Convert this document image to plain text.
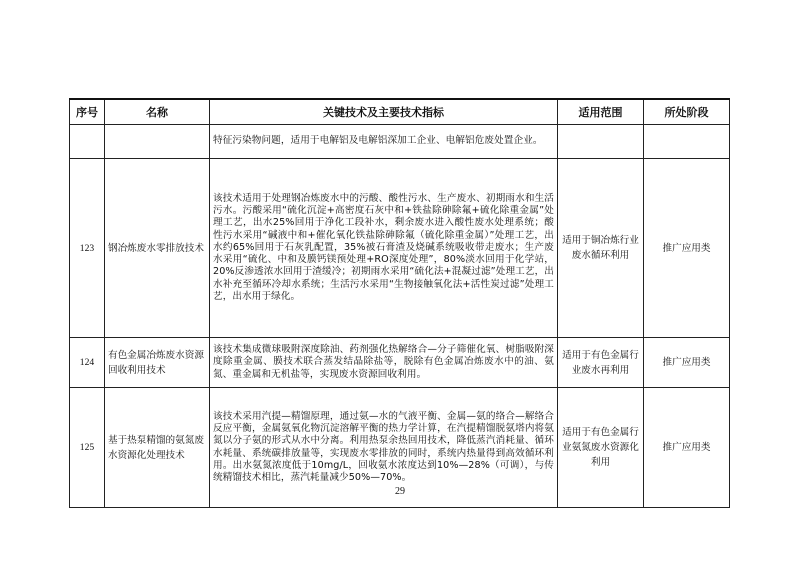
序号	名称	关键技术及主要技术指标	适用范围	所处阶段
		特征污染物问题，适用于电解铝及电解铝深加工企业、电解铝危废处置企业。		
123	钢冶炼废水零排放技术	该技术适用于处理钢冶炼废水中的污酸、酸性污水、生产废水、初期雨水和生活污水。污酸采用“硫化沉淀+高密度石灰中和+铁盐除砷除氟+硫化除重金属”处理工艺，出水25%回用于净化工段补水，剩余废水进入酸性废水处理系统；酸性污水采用“碱液中和+催化氧化铁盐除砷除氟（硫化除重金属）”处理工艺，出水约65%回用于石灰乳配置，35%被石膏渣及烧碱系统吸收带走废水；生产废水采用“硫化、中和及膜钙镁预处理+RO深度处理”，80%淡水回用于化学站，20%反渗透浓水回用于渣缓冷；初期雨水采用“硫化法+混凝过滤”处理工艺，出水补充至循环冷却水系统；生活污水采用“生物接触氧化法+活性炭过滤”处理工艺，出水用于绿化。	适用于铜冶炼行业废水循环利用	推广应用类
124	有色金属冶炼废水资源回收利用技术	该技术集成微球吸附深度除油、药剂强化热解络合—分子筛催化氧、树脂吸附深度除重金属、膜技术联合蒸发结晶除盐等，脱除有色金属冶炼废水中的油、氨氮、重金属和无机盐等，实现废水资源回收利用。	适用于有色金属行业废水再利用	推广应用类
125	基于热泵精馏的氨氮废水资源化处理技术	该技术采用汽提—精馏原理，通过氨—水的气液平衡、金属—氨的络合—解络合反应平衡，金属氨氧化物沉淀溶解平衡的热力学计算，在汽提精馏脱氨塔内将氨氮以分子氨的形式从水中分离。利用热泵余热回用技术，降低蒸汽消耗量、循环水耗量、系统碳排放量等，实现废水零排放的同时，系统内热量得到高效循环利用。出水氨氮浓度低于10mg/L，回收氨水浓度达到10%—28%（可调），与传统精馏技术相比，蒸汽耗量减少50%—70%。	适用于有色金属行业氨氮废水资源化利用	推广应用类
29
